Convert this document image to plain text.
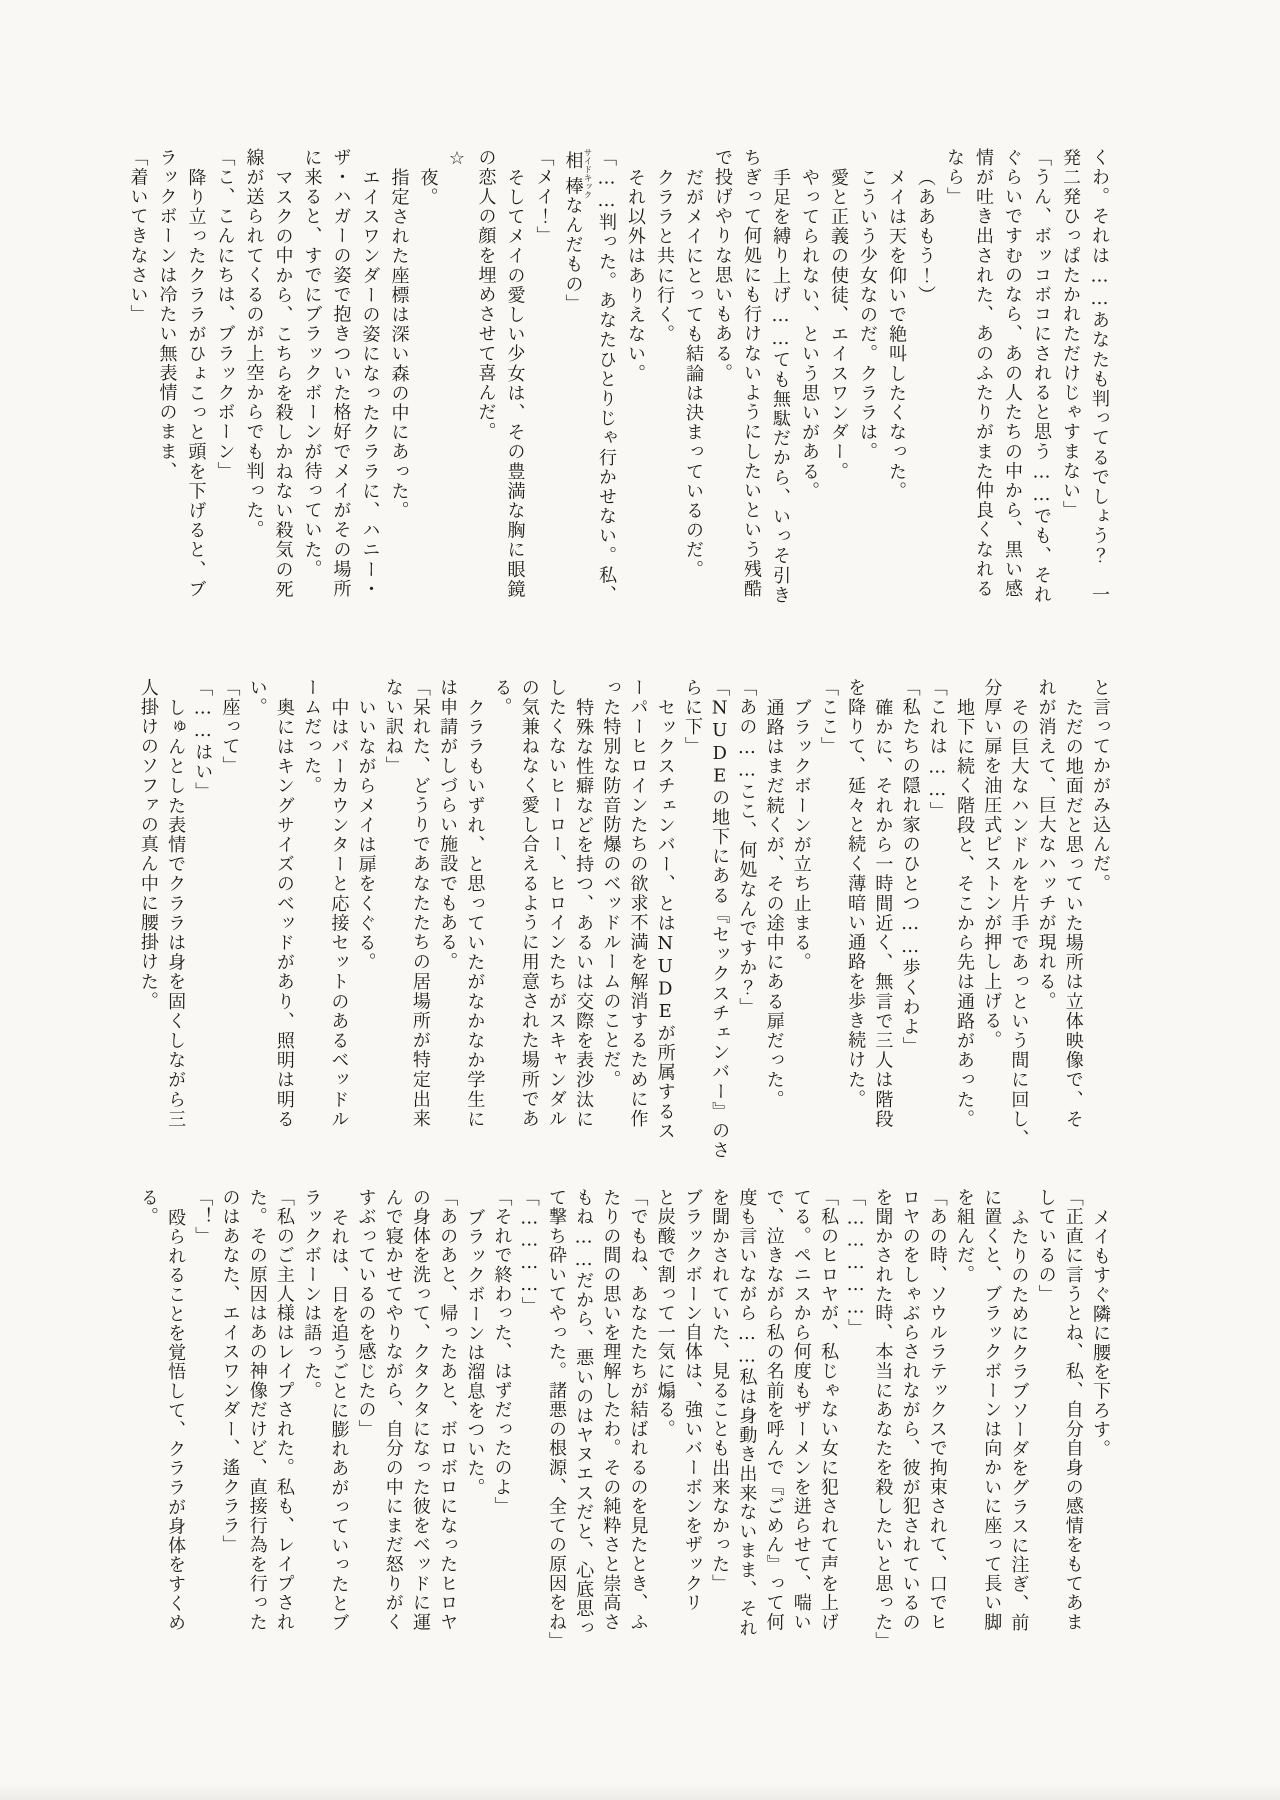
くわ。それは……あなたも判ってるでしょう？　一
発二発ひっぱたかれただけじゃすまない」
「うん、ボッコボコにされると思う……でも、それ
ぐらいですむのなら、あの人たちの中から、黒い感
情が吐き出された、あのふたりがまた仲良くなれる
なら」
（ああもう！）
メイは天を仰いで絶叫したくなった。
こういう少女なのだ。クララは。
愛と正義の使徒、エイスワンダー。
やってられない、という思いがある。
手足を縛り上げ……ても無駄だから、いっそ引き
ちぎって何処にも行けないようにしたいという残酷
で投げやりな思いもある。
だがメイにとっても結論は決まっているのだ。
クララと共に行く。
それ以外はありえない。
「……判った。あなたひとりじゃ行かせない。私、
相棒サイドキックなんだもの」
「メイ！」
そしてメイの愛しい少女は、その豊満な胸に眼鏡
の恋人の顔を埋めさせて喜んだ。
☆
夜。
指定された座標は深い森の中にあった。
エイスワンダーの姿になったクララに、ハニー・
ザ・ハガーの姿で抱きついた格好でメイがその場所
に来ると、すでにブラックボーンが待っていた。
マスクの中から、こちらを殺しかねない殺気の死
線が送られてくるのが上空からでも判った。
「こ、こんにちは、ブラックボーン」
降り立ったクララがひょこっと頭を下げると、ブ
ラックボーンは冷たい無表情のまま、
「着いてきなさい」
と言ってかがみ込んだ。
ただの地面だと思っていた場所は立体映像で、そ
れが消えて、巨大なハッチが現れる。
その巨大なハンドルを片手であっという間に回し、
分厚い扉を油圧式ピストンが押し上げる。
地下に続く階段と、そこから先は通路があった。
「これは……」
「私たちの隠れ家のひとつ……歩くわよ」
確かに、それから一時間近く、無言で三人は階段
を降りて、延々と続く薄暗い通路を歩き続けた。
「ここ」
ブラックボーンが立ち止まる。
通路はまだ続くが、その途中にある扉だった。
「あの……ここ、何処なんですか？」
「NUDEの地下にある『セックスチェンバー』のさ
らに下」
セックスチェンバー、とはNUDEが所属するス
ーパーヒロインたちの欲求不満を解消するために作
った特別な防音防爆のベッドルームのことだ。
特殊な性癖などを持つ、あるいは交際を表沙汰に
したくないヒーロー、ヒロインたちがスキャンダル
の気兼ねなく愛し合えるように用意された場所であ
る。
クララもいずれ、と思っていたがなかなか学生に
は申請がしづらい施設でもある。
「呆れた、どうりであなたたちの居場所が特定出来
ない訳ね」
いいながらメイは扉をくぐる。
中はバーカウンターと応接セットのあるベッドル
ームだった。
奥にはキングサイズのベッドがあり、照明は明る
い。
「座って」
「……はい」
しゅんとした表情でクララは身を固くしながら三
人掛けのソファの真ん中に腰掛けた。
メイもすぐ隣に腰を下ろす。
「正直に言うとね、私、自分自身の感情をもてあま
しているの」
ふたりのためにクラブソーダをグラスに注ぎ、前
に置くと、ブラックボーンは向かいに座って長い脚
を組んだ。
「あの時、ソウルラテックスで拘束されて、口でヒ
ロヤのをしゃぶらされながら、彼が犯されているの
を聞かされた時、本当にあなたを殺したいと思った」
「……………」
「私のヒロヤが、私じゃない女に犯されて声を上げ
てる。ペニスから何度もザーメンを迸らせて、喘い
で、泣きながら私の名前を呼んで『ごめん』って何
度も言いながら……私は身動き出来ないまま、それ
を聞かされていた、見ることも出来なかった」
ブラックボーン自体は、強いバーボンをザックリ
と炭酸で割って一気に煽る。
「でもね、あなたたちが結ばれるのを見たとき、ふ
たりの間の思いを理解したわ。その純粋さと崇高さ
もね……だから、悪いのはヤヌエスだと、心底思っ
て撃ち砕いてやった。諸悪の根源、全ての原因をね」
「…………」
「それで終わった、はずだったのよ」
ブラックボーンは溜息をついた。
「あのあと、帰ったあと、ボロボロになったヒロヤ
の身体を洗って、クタクタになった彼をベッドに運
んで寝かせてやりながら、自分の中にまだ怒りがく
すぶっているのを感じたの」
それは、日を追うごとに膨れあがっていったとブ
ラックボーンは語った。
「私のご主人様はレイプされた。私も、レイプされ
た。その原因はあの神像だけど、直接行為を行った
のはあなた、エイスワンダー、遙クララ」
「！」
殴られることを覚悟して、クララが身体をすくめ
る。
